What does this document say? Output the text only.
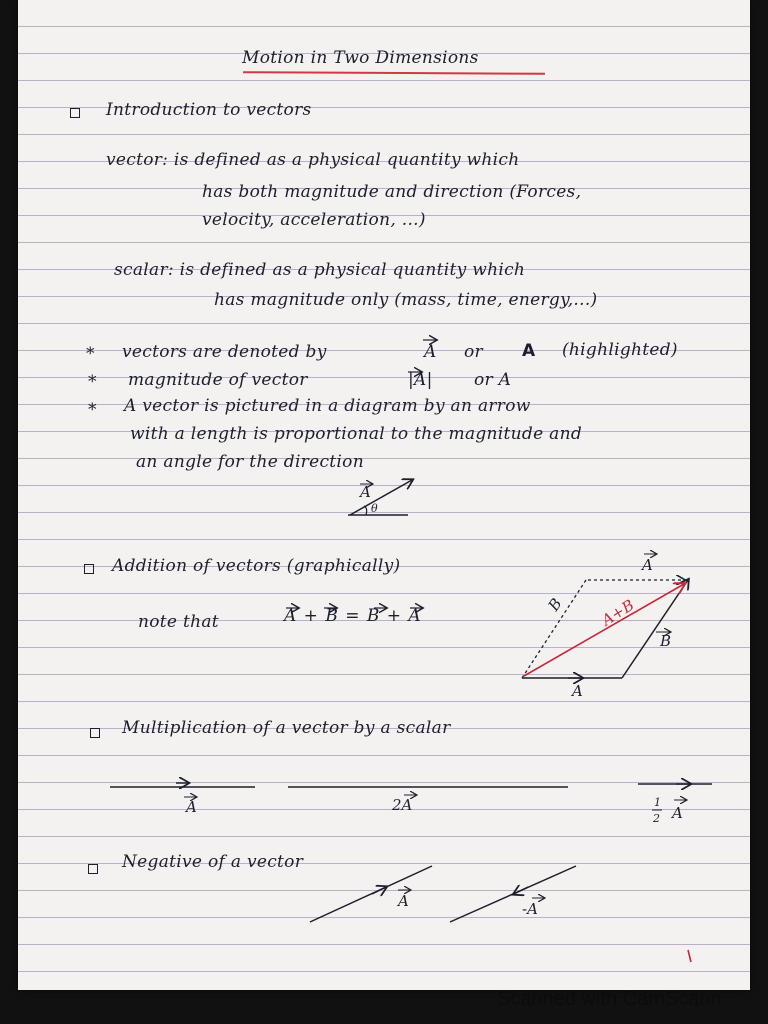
Motion in Two Dimensions
Introduction to vectors
vector: is defined as a physical quantity which
has both magnitude and direction (Forces,
velocity, acceleration, ...)
scalar: is defined as a physical quantity which
has magnitude only (mass, time, energy,...)
* vectors are denoted by	A or A (highlighted)
* magnitude of vector	|A| or A
* A vector is pictured in a diagram by an arrow
with a length is proportional to the magnitude and
an angle for the direction
Addition of vectors (graphically)
note that	A + B = B + A
Multiplication of a vector by a scalar
Negative of a vector
A
θ
A
B A+B
B
A
A	2A	1
2 A
A	-A
Scanned with CamScann
